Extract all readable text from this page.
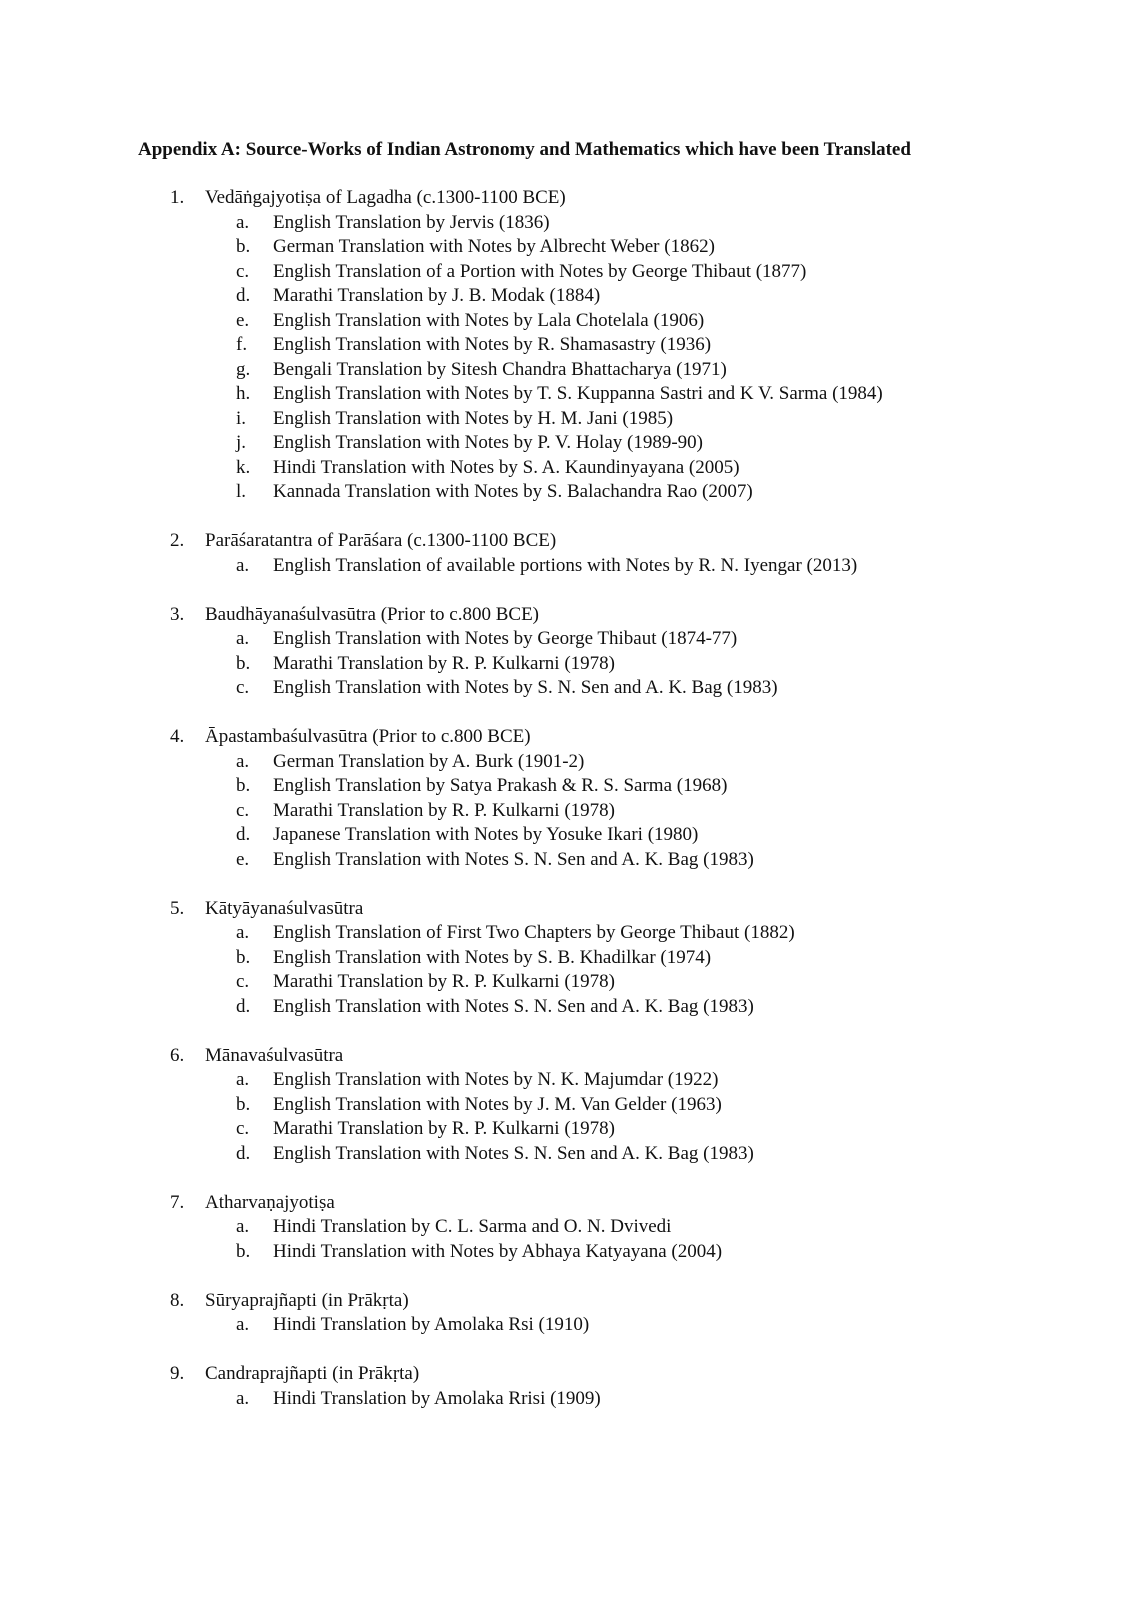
Appendix A: Source-Works of Indian Astronomy and Mathematics which have been Translated
1.	Vedāṅgajyotiṣa of Lagadha (c.1300-1100 BCE)
a.	English Translation by Jervis (1836)
b.	German Translation with Notes by Albrecht Weber (1862)
c.	English Translation of a Portion with Notes by George Thibaut (1877)
d.	Marathi Translation by J. B. Modak (1884)
e.	English Translation with Notes by Lala Chotelala (1906)
f.	English Translation with Notes by R. Shamasastry (1936)
g.	Bengali Translation by Sitesh Chandra Bhattacharya (1971)
h.	English Translation with Notes by T. S. Kuppanna Sastri and K V. Sarma (1984)
i.	English Translation with Notes by H. M. Jani (1985)
j.	English Translation with Notes by P. V. Holay (1989-90)
k.	Hindi Translation with Notes by S. A. Kaundinyayana (2005)
l.	Kannada Translation with Notes by S. Balachandra Rao (2007)
2.	Parāśaratantra of Parāśara (c.1300-1100 BCE)
a.	English Translation of available portions with Notes by R. N. Iyengar (2013)
3.	Baudhāyanaśulvasūtra (Prior to c.800 BCE)
a.	English Translation with Notes by George Thibaut (1874-77)
b.	Marathi Translation by R. P. Kulkarni (1978)
c.	English Translation with Notes by S. N. Sen and A. K. Bag (1983)
4.	Āpastambaśulvasūtra (Prior to c.800 BCE)
a.	German Translation by A. Burk (1901-2)
b.	English Translation by Satya Prakash & R. S. Sarma (1968)
c.	Marathi Translation by R. P. Kulkarni (1978)
d.	Japanese Translation with Notes by Yosuke Ikari (1980)
e.	English Translation with Notes S. N. Sen and A. K. Bag (1983)
5.	Kātyāyanaśulvasūtra
a.	English Translation of First Two Chapters by George Thibaut (1882)
b.	English Translation with Notes by S. B. Khadilkar (1974)
c.	Marathi Translation by R. P. Kulkarni (1978)
d.	English Translation with Notes S. N. Sen and A. K. Bag (1983)
6.	Mānavaśulvasūtra
a.	English Translation with Notes by N. K. Majumdar (1922)
b.	English Translation with Notes by J. M. Van Gelder (1963)
c.	Marathi Translation by R. P. Kulkarni (1978)
d.	English Translation with Notes S. N. Sen and A. K. Bag (1983)
7.	Atharvaṇajyotiṣa
a.	Hindi Translation by C. L. Sarma and O. N. Dvivedi
b.	Hindi Translation with Notes by Abhaya Katyayana (2004)
8.	Sūryaprajñapti (in Prākṛta)
a.	Hindi Translation by Amolaka Rsi (1910)
9.	Candraprajñapti (in Prākṛta)
a.	Hindi Translation by Amolaka Rrisi (1909)
